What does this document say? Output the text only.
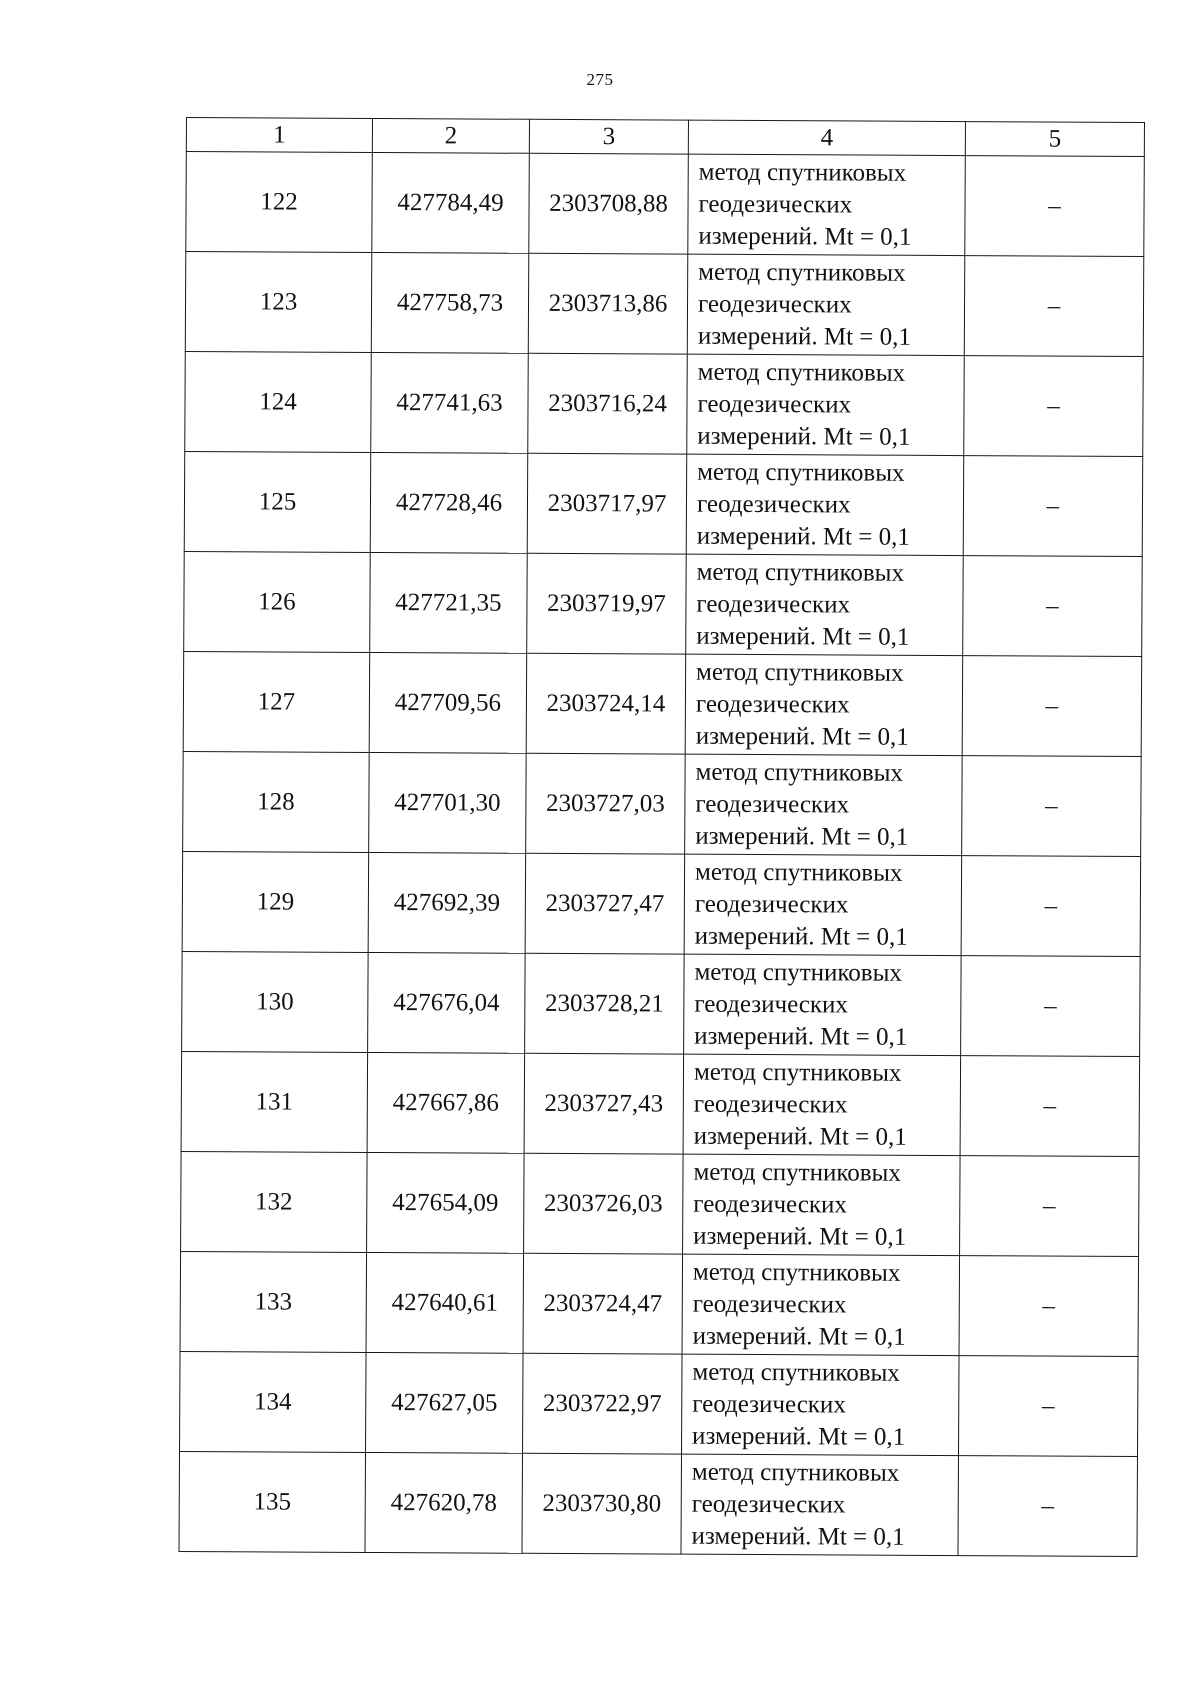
275
1	2	3	4	5
122	427784,49	2303708,88	метод спутниковых
геодезических
измерений. Mt = 0,1	–
123	427758,73	2303713,86	метод спутниковых
геодезических
измерений. Mt = 0,1	–
124	427741,63	2303716,24	метод спутниковых
геодезических
измерений. Mt = 0,1	–
125	427728,46	2303717,97	метод спутниковых
геодезических
измерений. Mt = 0,1	–
126	427721,35	2303719,97	метод спутниковых
геодезических
измерений. Mt = 0,1	–
127	427709,56	2303724,14	метод спутниковых
геодезических
измерений. Mt = 0,1	–
128	427701,30	2303727,03	метод спутниковых
геодезических
измерений. Mt = 0,1	–
129	427692,39	2303727,47	метод спутниковых
геодезических
измерений. Mt = 0,1	–
130	427676,04	2303728,21	метод спутниковых
геодезических
измерений. Mt = 0,1	–
131	427667,86	2303727,43	метод спутниковых
геодезических
измерений. Mt = 0,1	–
132	427654,09	2303726,03	метод спутниковых
геодезических
измерений. Mt = 0,1	–
133	427640,61	2303724,47	метод спутниковых
геодезических
измерений. Mt = 0,1	–
134	427627,05	2303722,97	метод спутниковых
геодезических
измерений. Mt = 0,1	–
135	427620,78	2303730,80	метод спутниковых
геодезических
измерений. Mt = 0,1	–
